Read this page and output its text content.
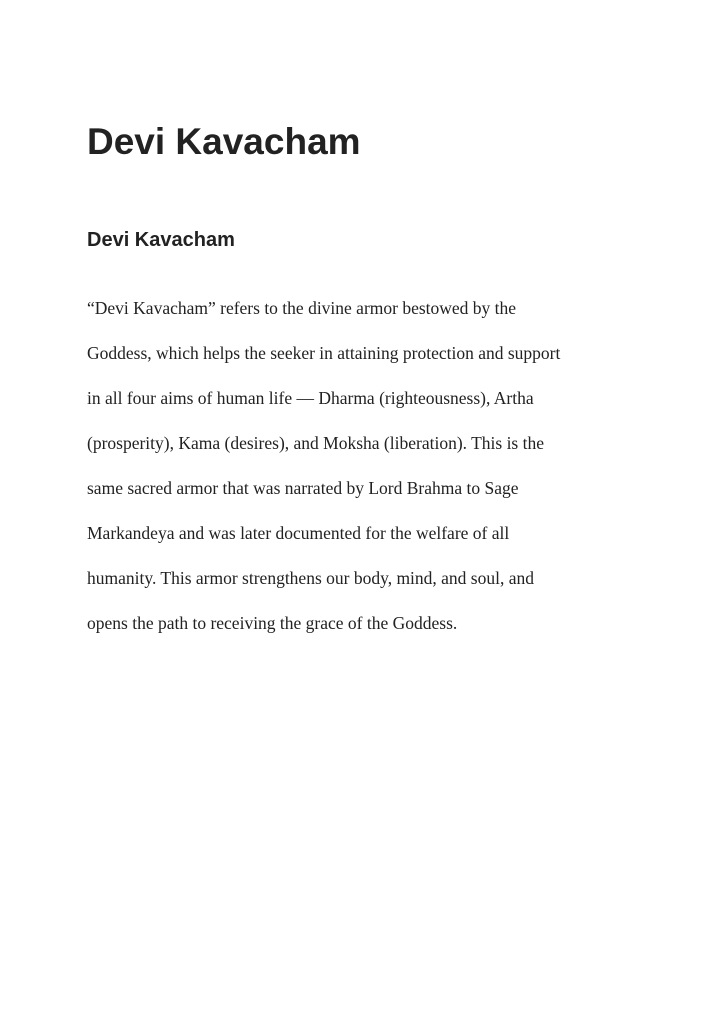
Devi Kavacham
Devi Kavacham
“Devi Kavacham” refers to the divine armor bestowed by the
Goddess, which helps the seeker in attaining protection and support
in all four aims of human life — Dharma (righteousness), Artha
(prosperity), Kama (desires), and Moksha (liberation). This is the
same sacred armor that was narrated by Lord Brahma to Sage
Markandeya and was later documented for the welfare of all
humanity. This armor strengthens our body, mind, and soul, and
opens the path to receiving the grace of the Goddess.
